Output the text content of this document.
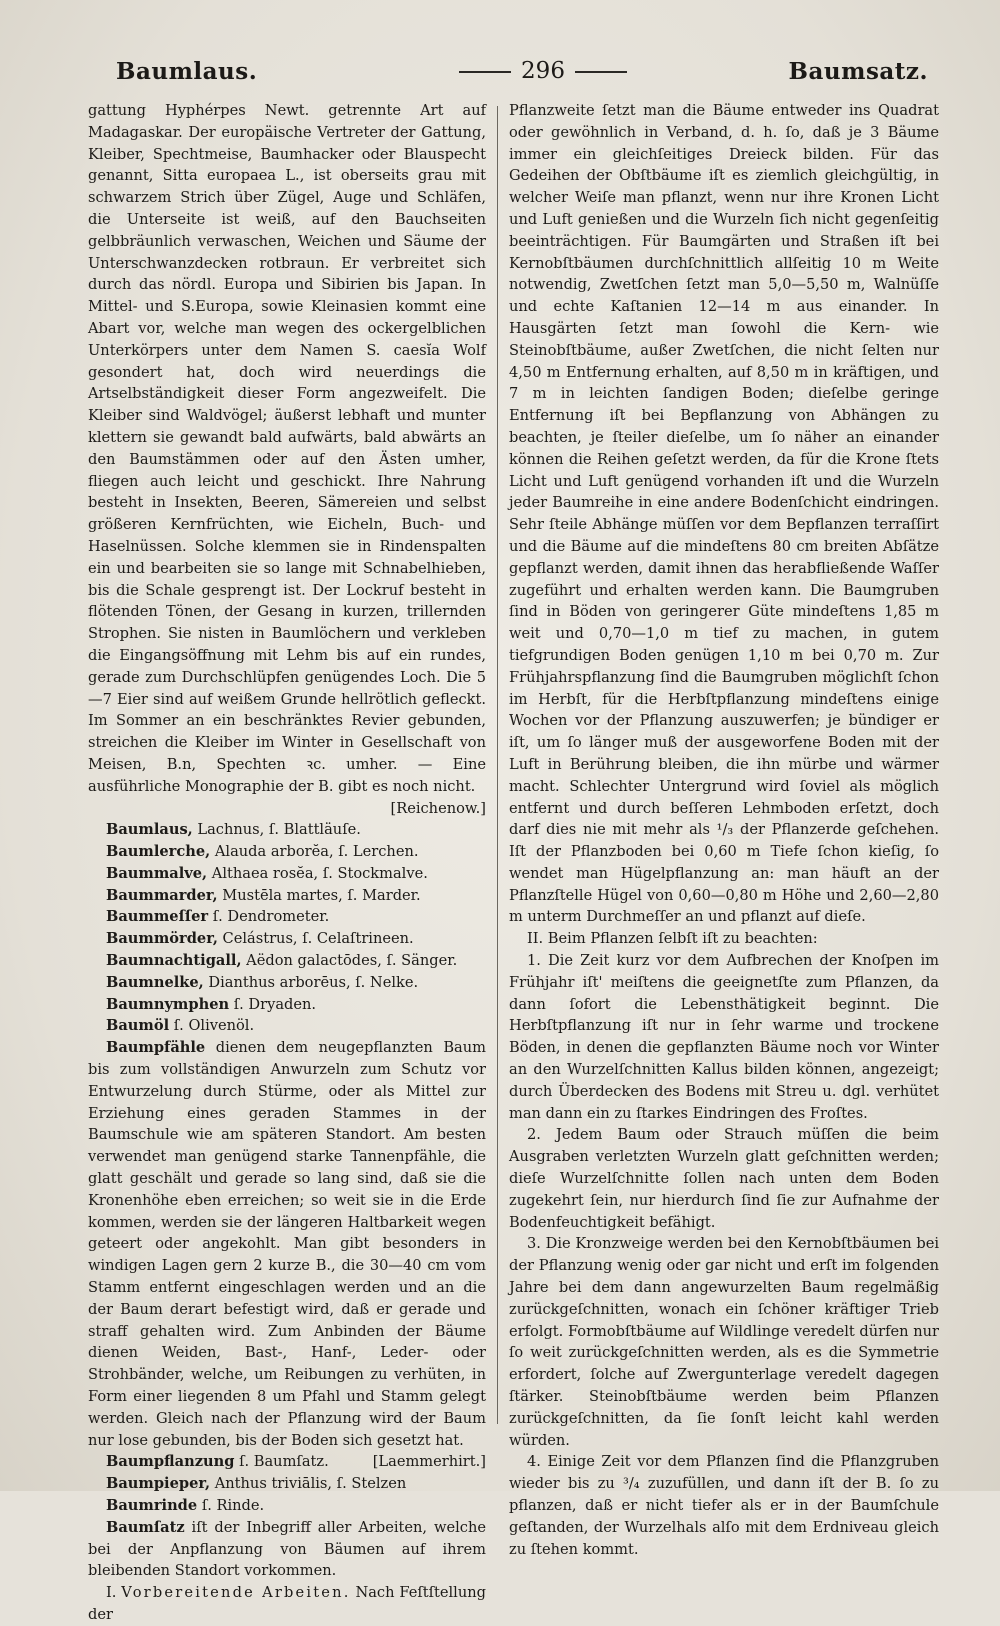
Baumlaus.	296	Baumsatz.

gattung Hyphérpes Newt. getrennte Art auf Madagaskar. Der europäische Vertreter der Gattung, Kleiber, Spechtmeise, Baumhacker oder Blauspecht genannt, Sitta europaea L., ist oberseits grau mit schwarzem Strich über Zügel, Auge und Schläfen, die Unterseite ist weiß, auf den Bauchseiten gelbbräunlich verwaschen, Weichen und Säume der Unterschwanzdecken rotbraun. Er verbreitet sich durch das nördl. Europa und Sibirien bis Japan. In Mittel- und S.Europa, sowie Kleinasien kommt eine Abart vor, welche man wegen des ockergelblichen Unterkörpers unter dem Namen S. caesĭa Wolf gesondert hat, doch wird neuerdings die Artselbständigkeit dieser Form angezweifelt. Die Kleiber sind Waldvögel; äußerst lebhaft und munter klettern sie gewandt bald aufwärts, bald abwärts an den Baumstämmen oder auf den Ästen umher, fliegen auch leicht und geschickt. Ihre Nahrung besteht in Insekten, Beeren, Sämereien und selbst größeren Kernfrüchten, wie Eicheln, Buch- und Haselnüssen. Solche klemmen sie in Rindenspalten ein und bearbeiten sie so lange mit Schnabelhieben, bis die Schale gesprengt ist. Der Lockruf besteht in flötenden Tönen, der Gesang in kurzen, trillernden Strophen. Sie nisten in Baumlöchern und verkleben die Eingangsöffnung mit Lehm bis auf ein rundes, gerade zum Durchschlüpfen genügendes Loch. Die 5—7 Eier sind auf weißem Grunde hellrötlich gefleckt. Im Sommer an ein beschränktes Revier gebunden, streichen die Kleiber im Winter in Gesellschaft von Meisen, B.n, Spechten ꝛc. umher. — Eine ausführliche Monographie der B. gibt es noch nicht.

[Reichenow.]

Baumlaus, Lachnus, ſ. Blattläuſe.

Baumlerche, Alauda arborĕa, ſ. Lerchen.

Baummalve, Althaea rosĕa, ſ. Stockmalve.

Baummarder, Mustēla martes, ſ. Marder.

Baummeſſer ſ. Dendrometer.

Baummörder, Celástrus, ſ. Celaſtrineen.

Baumnachtigall, Aëdon galactōdes, ſ. Sänger.

Baumnelke, Dianthus arborēus, ſ. Nelke.

Baumnymphen ſ. Dryaden.

Baumöl ſ. Olivenöl.

Baumpfähle dienen dem neugepflanzten Baum bis zum vollständigen Anwurzeln zum Schutz vor Entwurzelung durch Stürme, oder als Mittel zur Erziehung eines geraden Stammes in der Baumschule wie am späteren Standort. Am besten verwendet man genügend starke Tannenpfähle, die glatt geschält und gerade so lang sind, daß sie die Kronenhöhe eben erreichen; so weit sie in die Erde kommen, werden sie der längeren Haltbarkeit wegen geteert oder angekohlt. Man gibt besonders in windigen Lagen gern 2 kurze B., die 30—40 cm vom Stamm entfernt eingeschlagen werden und an die der Baum derart befestigt wird, daß er gerade und straff gehalten wird. Zum Anbinden der Bäume dienen Weiden, Bast-, Hanf-, Leder- oder Strohbänder, welche, um Reibungen zu verhüten, in Form einer liegenden 8 um Pfahl und Stamm gelegt werden. Gleich nach der Pflanzung wird der Baum nur lose gebunden, bis der Boden sich gesetzt hat.

Baumpflanzung ſ. Baumſatz.	[Laemmerhirt.]

Baumpieper, Anthus triviālis, ſ. Stelzen

Baumrinde ſ. Rinde.

Baumſatz iſt der Inbegriff aller Arbeiten, welche bei der Anpflanzung von Bäumen auf ihrem bleibenden Standort vorkommen.

I. Vorbereitende Arbeiten. Nach Feſtſtellung der

Pflanzweite ſetzt man die Bäume entweder ins Quadrat oder gewöhnlich in Verband, d. h. ſo, daß je 3 Bäume immer ein gleichſeitiges Dreieck bilden. Für das Gedeihen der Obſtbäume iſt es ziemlich gleichgültig, in welcher Weiſe man pflanzt, wenn nur ihre Kronen Licht und Luft genießen und die Wurzeln ſich nicht gegenſeitig beeinträchtigen. Für Baumgärten und Straßen iſt bei Kernobſtbäumen durchſchnittlich allſeitig 10 m Weite notwendig, Zwetſchen ſetzt man 5,0—5,50 m, Walnüſſe und echte Kaſtanien 12—14 m aus einander. In Hausgärten ſetzt man ſowohl die Kern- wie Steinobſtbäume, außer Zwetſchen, die nicht ſelten nur 4,50 m Entfernung erhalten, auf 8,50 m in kräftigen, und 7 m in leichten ſandigen Boden; dieſelbe geringe Entfernung iſt bei Bepflanzung von Abhängen zu beachten, je ſteiler dieſelbe, um ſo näher an einander können die Reihen geſetzt werden, da für die Krone ſtets Licht und Luft genügend vorhanden iſt und die Wurzeln jeder Baumreihe in eine andere Bodenſchicht eindringen. Sehr ſteile Abhänge müſſen vor dem Bepflanzen terraſſirt und die Bäume auf die mindeſtens 80 cm breiten Abſätze gepflanzt werden, damit ihnen das herabfließende Waſſer zugeführt und erhalten werden kann. Die Baumgruben ſind in Böden von geringerer Güte mindeſtens 1,85 m weit und 0,70—1,0 m tief zu machen, in gutem tiefgrundigen Boden genügen 1,10 m bei 0,70 m. Zur Frühjahrspflanzung ſind die Baumgruben möglichſt ſchon im Herbſt, für die Herbſtpflanzung mindeſtens einige Wochen vor der Pflanzung auszuwerfen; je bündiger er iſt, um ſo länger muß der ausgeworfene Boden mit der Luft in Berührung bleiben, die ihn mürbe und wärmer macht. Schlechter Untergrund wird ſoviel als möglich entfernt und durch beſſeren Lehmboden erſetzt, doch darf dies nie mit mehr als ¹/₃ der Pflanzerde geſchehen. Iſt der Pflanzboden bei 0,60 m Tiefe ſchon kieſig, ſo wendet man Hügelpflanzung an: man häuft an der Pflanzſtelle Hügel von 0,60—0,80 m Höhe und 2,60—2,80 m unterm Durchmeſſer an und pflanzt auf dieſe.

II. Beim Pflanzen ſelbſt iſt zu beachten:

1. Die Zeit kurz vor dem Aufbrechen der Knoſpen im Frühjahr iſt' meiſtens die geeignetſte zum Pflanzen, da dann ſofort die Lebensthätigkeit beginnt. Die Herbſtpflanzung iſt nur in ſehr warme und trockene Böden, in denen die gepflanzten Bäume noch vor Winter an den Wurzelſchnitten Kallus bilden können, angezeigt; durch Überdecken des Bodens mit Streu u. dgl. verhütet man dann ein zu ſtarkes Eindringen des Froſtes.

2. Jedem Baum oder Strauch müſſen die beim Ausgraben verletzten Wurzeln glatt geſchnitten werden; dieſe Wurzelſchnitte ſollen nach unten dem Boden zugekehrt ſein, nur hierdurch ſind ſie zur Aufnahme der Bodenfeuchtigkeit befähigt.

3. Die Kronzweige werden bei den Kernobſtbäumen bei der Pflanzung wenig oder gar nicht und erſt im folgenden Jahre bei dem dann angewurzelten Baum regelmäßig zurückgeſchnitten, wonach ein ſchöner kräftiger Trieb erfolgt. Formobſtbäume auf Wildlinge veredelt dürfen nur ſo weit zurückgeſchnitten werden, als es die Symmetrie erfordert, ſolche auf Zwergunterlage veredelt dagegen ſtärker. Steinobſtbäume werden beim Pflanzen zurückgeſchnitten, da ſie ſonſt leicht kahl werden würden.

4. Einige Zeit vor dem Pflanzen ſind die Pflanzgruben wieder bis zu ³/₄ zuzufüllen, und dann iſt der B. ſo zu pflanzen, daß er nicht tiefer als er in der Baumſchule geſtanden, der Wurzelhals alſo mit dem Erdniveau gleich zu ſtehen kommt.
